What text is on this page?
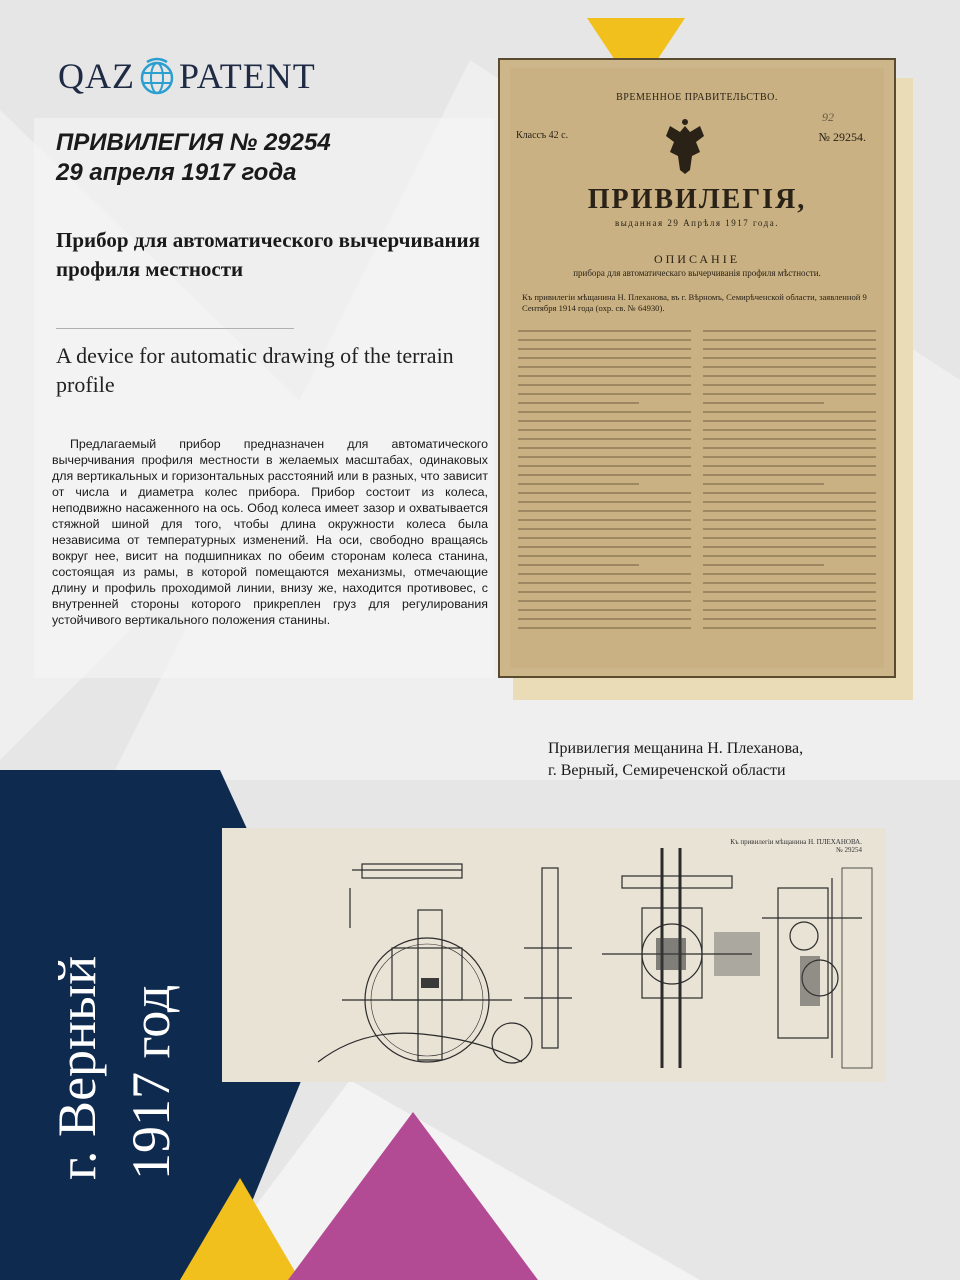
QAZ PATENT
ПРИВИЛЕГИЯ № 29254
29 апреля 1917 года
Прибор для автоматического вычерчивания профиля местности
A device for automatic drawing of the terrain profile
Предлагаемый прибор предназначен для автоматического вычерчивания профиля местности в желаемых масштабах, одинаковых для вертикальных и горизонтальных расстояний или в разных, что зависит от числа и диаметра колес прибора. Прибор состоит из колеса, неподвижно насаженного на ось. Обод колеса имеет зазор и охватывается стяжной шиной для того, чтобы длина окружности колеса была независима от температурных изменений. На оси, свободно вращаясь вокруг нее, висит на подшипниках по обеим сторонам колеса станина, состоящая из рамы, в которой помещаются механизмы, отмечающие длину и профиль проходимой линии, внизу же, находится противовес, с внутренней стороны которого прикреплен груз для регулирования устойчивого вертикального положения станины.
ВРЕМЕННОЕ ПРАВИТЕЛЬСТВО.
92
Классъ 42 с.	№ 29254.
ПРИВИЛЕГІЯ,
выданная 29 Апрѣля 1917 года.
ОПИСАНІЕ
прибора для автоматическаго вычерчиванія профиля мѣстности.
Къ привилегіи мѣщанина Н. Плеханова, въ г. Вѣрномъ, Семирѣченской области, заявленной 9 Сентября 1914 года (охр. св. № 64930).
Привилегия мещанина Н. Плеханова,
г. Верный, Семиреченской области
Къ привилегіи мѣщанина Н. ПЛЕХАНОВА.
№ 29254
г. Верный 1917 год
